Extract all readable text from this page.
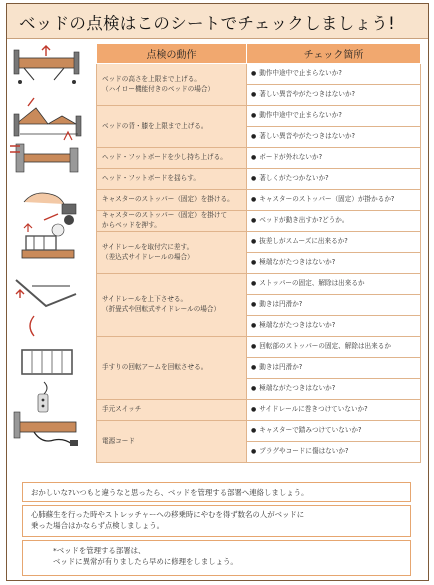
ベッドの点検はこのシートでチェックしましょう!
点検の動作	チェック箇所

ベッドの高さを上限まで上げる。
（ハイロー機能付きのベッドの場合）	● 動作中途中で止まらないか?
	● 著しい異音やがたつきはないか?

ベッドの背・膝を上限まで上げる。	● 動作中途中で止まらないか?
	● 著しい異音やがたつきはないか?

ヘッド・フットボードを少し持ち上げる。	● ボードが外れないか?

ヘッド・フットボードを揺らす。	● 著しくがたつかないか?

キャスターのストッパー（固定）を掛ける。	● キャスターのストッパー（固定）が掛かるか?

キャスターのストッパー（固定）を掛けて
からベッドを押す。	● ベッドが動き出すか?どうか。

サイドレールを取付穴に差す。
（差込式サイドレールの場合）	● 抜差しがスムーズに出来るか?
	● 極端ながたつきはないか?

サイドレールを上下させる。
（折畳式や回転式サイドレールの場合）	● ストッパーの固定、解除は出来るか
	● 動きは円滑か?
	● 極端ながたつきはないか?

手すりの回転アームを回転させる。	● 回転部のストッパーの固定、解除は出来るか
	● 動きは円滑か?
	● 極端ながたつきはないか?

手元スイッチ	● サイドレールに巻きつけていないか?

電源コード	● キャスターで踏みつけていないか?
	● プラグやコードに傷はないか?
おかしいな?いつもと違うなと思ったら、ベッドを管理する部署へ連絡しましょう。
心肺蘇生を行った時やストレッチャーへの移乗時にやむを得ず数名の人がベッドに
乗った場合はかならず点検しましょう。
*ベッドを管理する部署は、
ベッドに異常が有りましたら早めに修理をしましょう。
